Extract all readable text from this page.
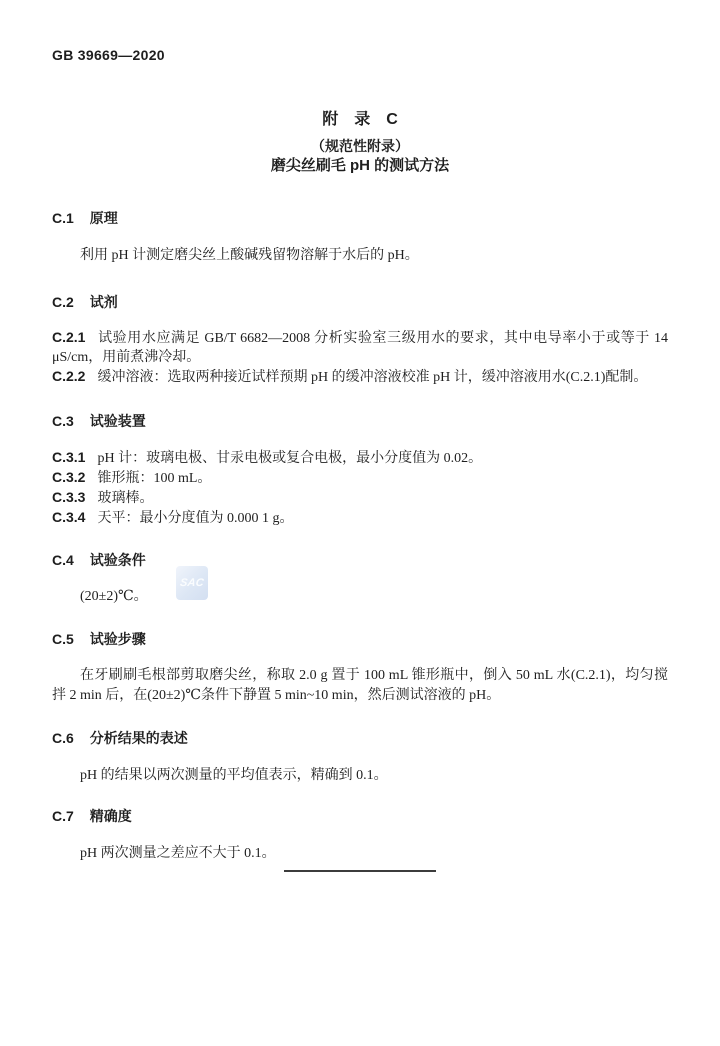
GB 39669—2020
附　录　C
（规范性附录）
磨尖丝刷毛 pH 的测试方法
C.1 原理

利用 pH 计测定磨尖丝上酸碱残留物溶解于水后的 pH。

C.2 试剂

C.2.1 试验用水应满足 GB/T 6682—2008 分析实验室三级用水的要求，其中电导率小于或等于 14 μS/cm，用前煮沸冷却。

C.2.2 缓冲溶液：选取两种接近试样预期 pH 的缓冲溶液校准 pH 计，缓冲溶液用水(C.2.1)配制。

C.3 试验装置

C.3.1 pH 计：玻璃电极、甘汞电极或复合电极，最小分度值为 0.02。

C.3.2 锥形瓶：100 mL。

C.3.3 玻璃棒。

C.3.4 天平：最小分度值为 0.000 1 g。

C.4 试验条件

(20±2)℃。

C.5 试验步骤

在牙刷刷毛根部剪取磨尖丝，称取 2.0 g 置于 100 mL 锥形瓶中，倒入 50 mL 水(C.2.1)，均匀搅拌 2 min 后，在(20±2)℃条件下静置 5 min~10 min，然后测试溶液的 pH。

C.6 分析结果的表述

pH 的结果以两次测量的平均值表示，精确到 0.1。

C.7 精确度

pH 两次测量之差应不大于 0.1。

SAC
